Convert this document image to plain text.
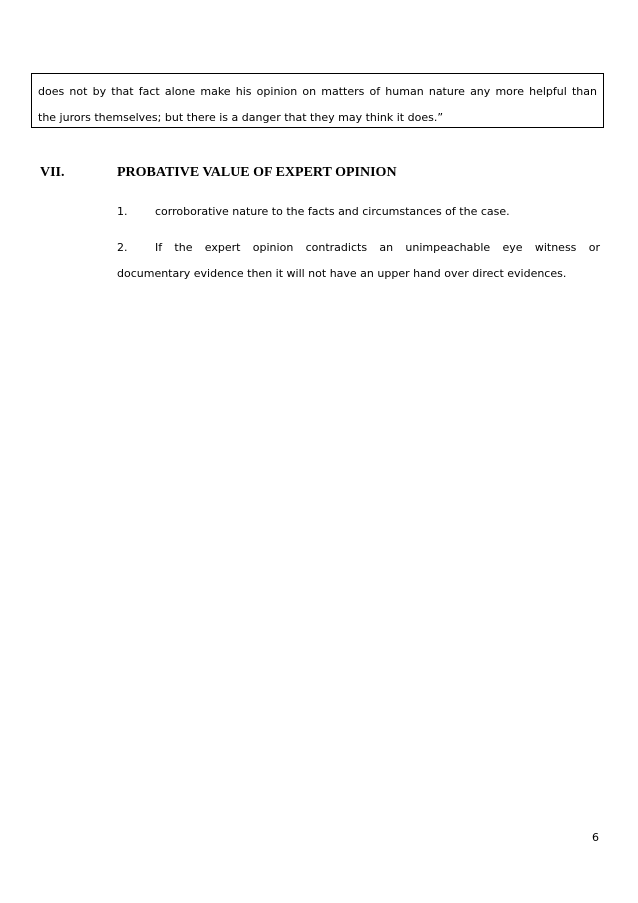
does not by that fact alone make his opinion on matters of human nature any more helpful than
the jurors themselves; but there is a danger that they may think it does.”
VII.	PROBATIVE VALUE OF EXPERT OPINION
1.	corroborative nature to the facts and circumstances of the case.
2.	If the expert opinion contradicts an unimpeachable eye witness or
documentary evidence then it will not have an upper hand over direct evidences.
6
